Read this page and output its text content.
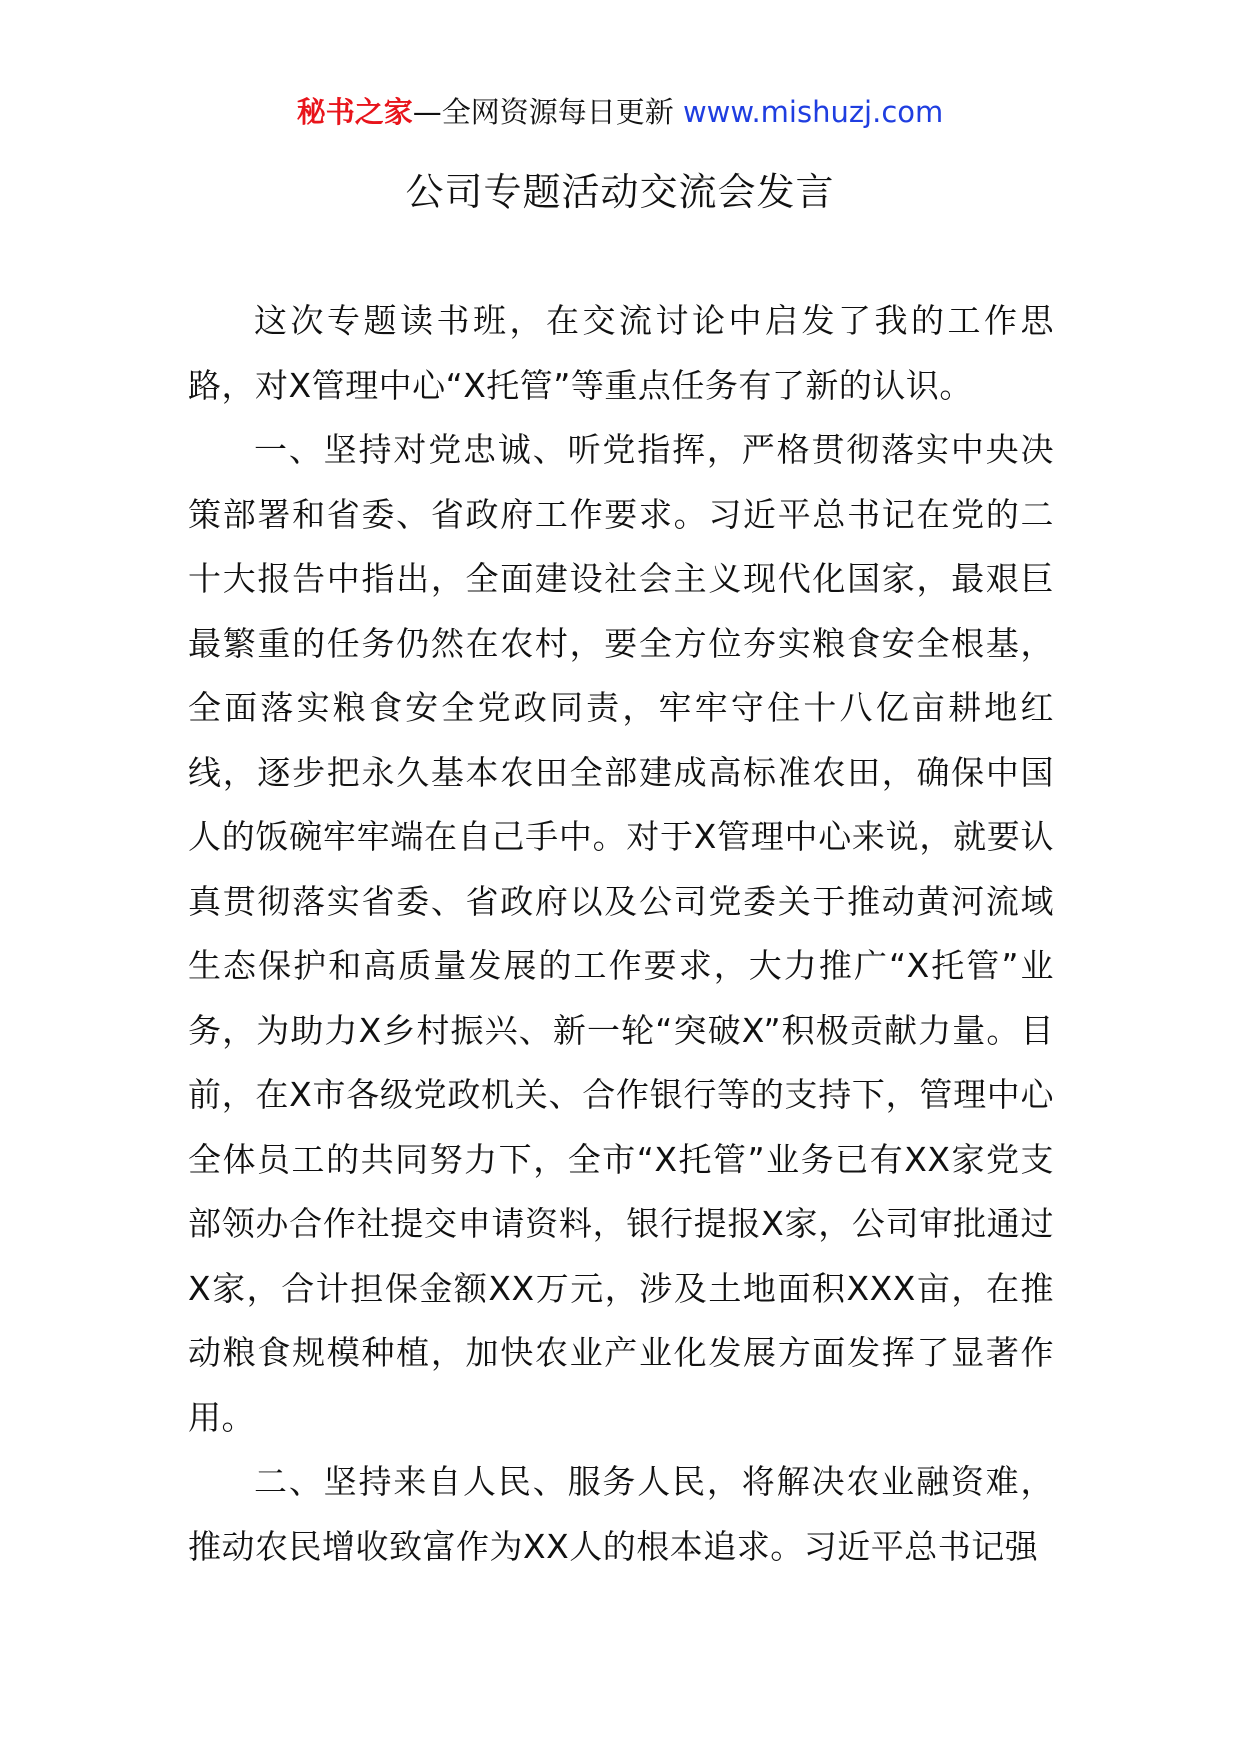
秘书之家—全网资源每日更新 www.mishuzj.com
公司专题活动交流会发言

这次专题读书班，在交流讨论中启发了我的工作思路，对X管理中心“X托管”等重点任务有了新的认识。

一、坚持对党忠诚、听党指挥，严格贯彻落实中央决策部署和省委、省政府工作要求。习近平总书记在党的二十大报告中指出，全面建设社会主义现代化国家，最艰巨最繁重的任务仍然在农村，要全方位夯实粮食安全根基，全面落实粮食安全党政同责，牢牢守住十八亿亩耕地红线，逐步把永久基本农田全部建成高标准农田，确保中国人的饭碗牢牢端在自己手中。对于X管理中心来说，就要认真贯彻落实省委、省政府以及公司党委关于推动黄河流域生态保护和高质量发展的工作要求，大力推广“X托管”业务，为助力X乡村振兴、新一轮“突破X”积极贡献力量。目前，在X市各级党政机关、合作银行等的支持下，管理中心全体员工的共同努力下，全市“X托管”业务已有XX家党支部领办合作社提交申请资料，银行提报X家，公司审批通过X家，合计担保金额XX万元，涉及土地面积XXX亩，在推动粮食规模种植，加快农业产业化发展方面发挥了显著作用。

二、坚持来自人民、服务人民，将解决农业融资难，推动农民增收致富作为XX人的根本追求。习近平总书记强
